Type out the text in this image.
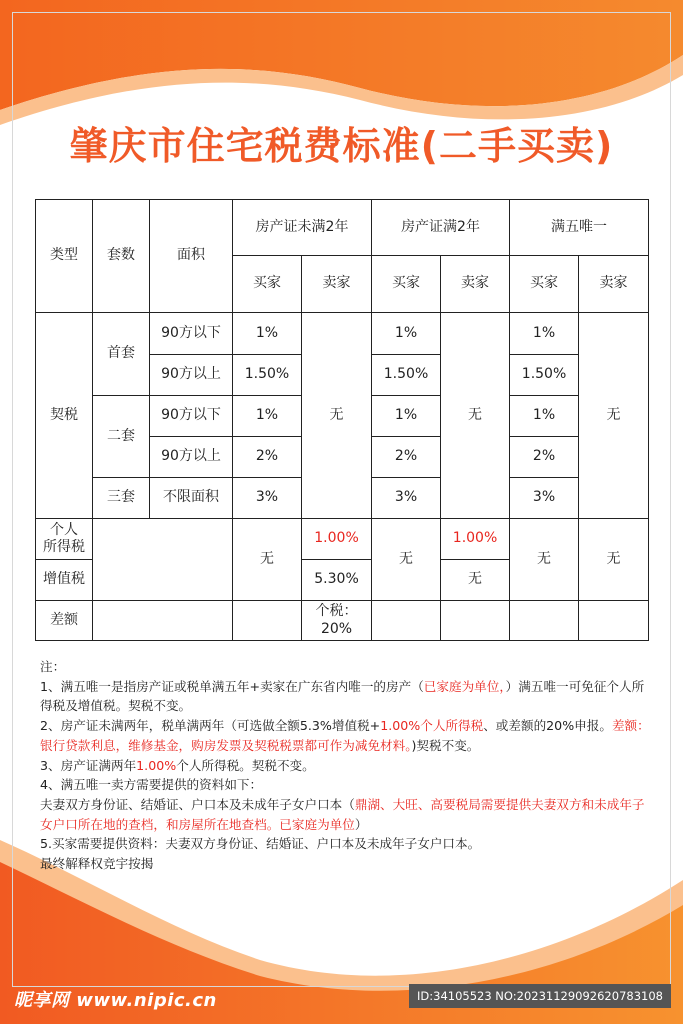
肇庆市住宅税费标准(二手买卖)
类型	套数	面积	房产证未满2年		房产证满2年		满五唯一	
			买家	卖家	买家	卖家	买家	卖家
契税	首套	90方以下	1%	无	1%	无	1%	无
		90方以上	1.50%		1.50%		1.50%	
	二套	90方以下	1%		1%		1%	
		90方以上	2%		2%		2%	
	三套	不限面积	3%		3%		3%	
个人
所得税			无	1.00%	无	1.00%	无	无
增值税				5.30%		无		
差额				个税：
20%				

注：

1、满五唯一是指房产证或税单满五年+卖家在广东省内唯一的房产（已家庭为单位，）满五唯一可免征个人所得税及增值税。契税不变。

2、房产证未满两年，税单满两年（可选做全额5.3%增值税+1.00%个人所得税、或差额的20%申报。差额：银行贷款利息，维修基金，购房发票及契税税票都可作为减免材料。)契税不变。

3、房产证满两年1.00%个人所得税。契税不变。

4、满五唯一卖方需要提供的资料如下：

夫妻双方身份证、结婚证、户口本及未成年子女户口本（鼎湖、大旺、高要税局需要提供夫妻双方和未成年子女户口所在地的查档，和房屋所在地查档。已家庭为单位）

5.买家需要提供资料：夫妻双方身份证、结婚证、户口本及未成年子女户口本。

最终解释权竞宇按揭

昵享网 www.nipic.cn	ID:34105523 NO:20231129092620783108
